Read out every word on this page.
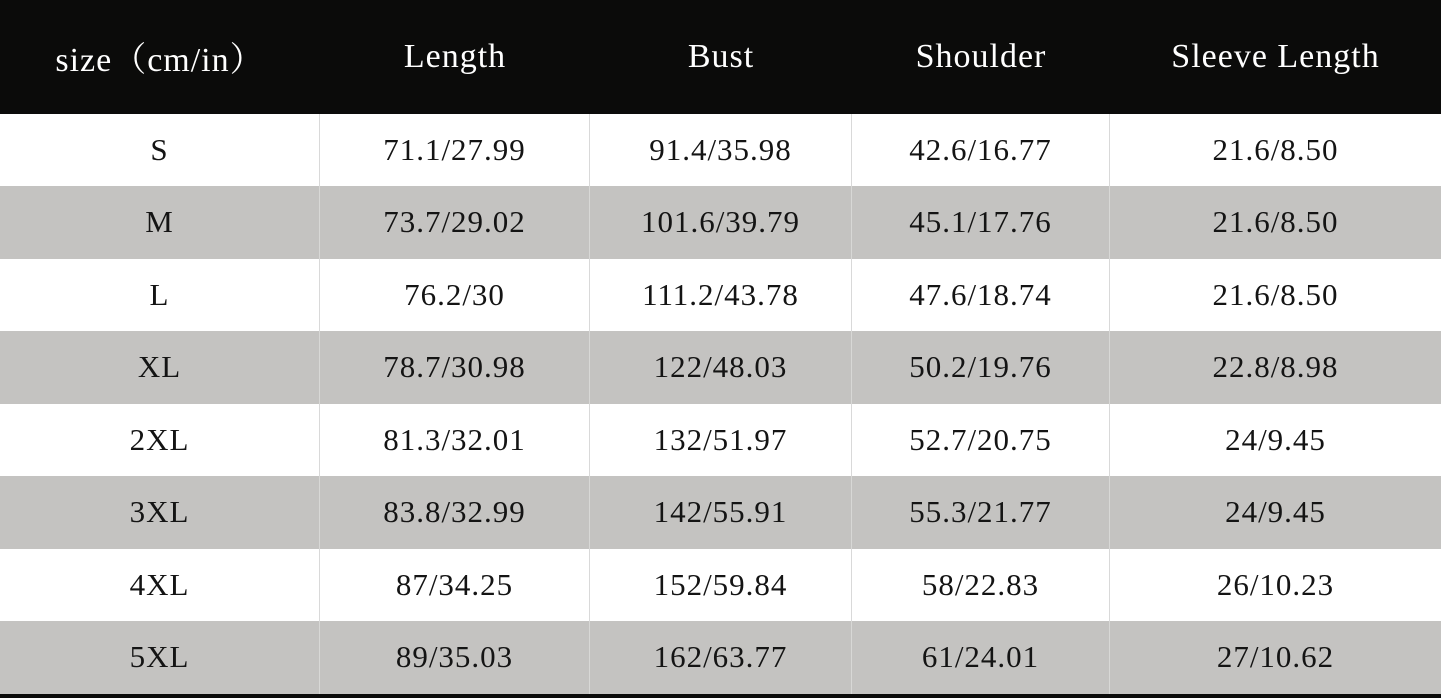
size（cm/in）	Length	Bust	Shoulder	Sleeve Length
S	71.1/27.99	91.4/35.98	42.6/16.77	21.6/8.50
M	73.7/29.02	101.6/39.79	45.1/17.76	21.6/8.50
L	76.2/30	111.2/43.78	47.6/18.74	21.6/8.50
XL	78.7/30.98	122/48.03	50.2/19.76	22.8/8.98
2XL	81.3/32.01	132/51.97	52.7/20.75	24/9.45
3XL	83.8/32.99	142/55.91	55.3/21.77	24/9.45
4XL	87/34.25	152/59.84	58/22.83	26/10.23
5XL	89/35.03	162/63.77	61/24.01	27/10.62
